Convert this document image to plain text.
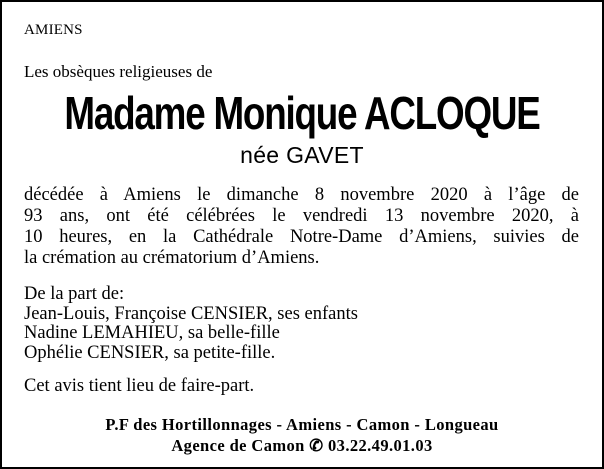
AMIENS
Les obsèques religieuses de
Madame Monique ACLOQUE
née GAVET
décédée à Amiens le dimanche 8 novembre 2020 à l’âge de
93 ans, ont été célébrées le vendredi 13 novembre 2020, à
10 heures, en la Cathédrale Notre-Dame d’Amiens, suivies de
la crémation au crématorium d’Amiens.
De la part de:
Jean-Louis, Françoise CENSIER, ses enfants
Nadine LEMAHIEU, sa belle-fille
Ophélie CENSIER, sa petite-fille.
Cet avis tient lieu de faire-part.
P.F des Hortillonnages - Amiens - Camon - Longueau
Agence de Camon ✆ 03.22.49.01.03
